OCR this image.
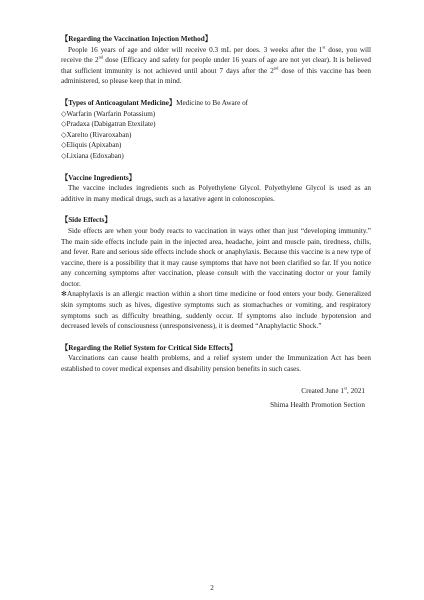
【Regarding the Vaccination Injection Method】

People 16 years of age and older will receive 0.3 mL per does. 3 weeks after the 1st dose, you will receive the 2nd dose (Efficacy and safety for people under 16 years of age are not yet clear). It is believed that sufficient immunity is not achieved until about 7 days after the 2nd dose of this vaccine has been administered, so please keep that in mind.

【Types of Anticoagulant Medicine】Medicine to Be Aware of

◇Warfarin (Warfarin Potassium)
◇Pradaxa (Dabigatran Etexilate)
◇Xarelto (Rivaroxaban)
◇Eliquis (Apixaban)
◇Lixiana (Edoxaban)

【Vaccine Ingredients】

The vaccine includes ingredients such as Polyethylene Glycol. Polyethylene Glycol is used as an additive in many medical drugs, such as a laxative agent in colonoscopies.

【Side Effects】

Side effects are when your body reacts to vaccination in ways other than just “developing immunity.” The main side effects include pain in the injected area, headache, joint and muscle pain, tiredness, chills, and fever. Rare and serious side effects include shock or anaphylaxis. Because this vaccine is a new type of vaccine, there is a possibility that it may cause symptoms that have not been clarified so far. If you notice any concerning symptoms after vaccination, please consult with the vaccinating doctor or your family doctor.

✻Anaphylaxis is an allergic reaction within a short time medicine or food enters your body. Generalized skin symptoms such as hives, digestive symptoms such as stomachaches or vomiting, and respiratory symptoms such as difficulty breathing, suddenly occur. If symptoms also include hypotension and decreased levels of consciousness (unresponsiveness), it is deemed “Anaphylactic Shock.”

【Regarding the Relief System for Critical Side Effects】

Vaccinations can cause health problems, and a relief system under the Immunization Act has been established to cover medical expenses and disability pension benefits in such cases.

Created June 1st, 2021

Shima Health Promotion Section

2
